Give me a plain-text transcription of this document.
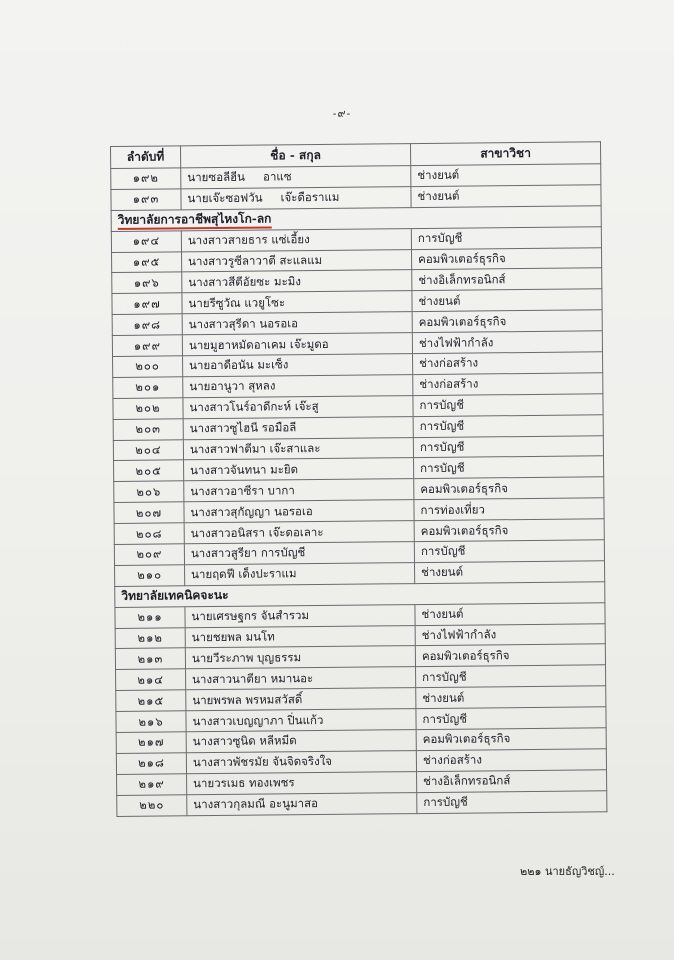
-๙-
ลำดับที่	ชื่อ - สกุล	สาขาวิชา
๑๙๒	นายซอลีฮีน อาแซ	ช่างยนต์
๑๙๓	นายเจ๊ะซอฟวัน เจ๊ะดือราแม	ช่างยนต์
วิทยาลัยการอาชีพสุไหงโก-ลก		
๑๙๔	นางสาวสายธาร แซ่เอี้ยง	การบัญชี
๑๙๕	นางสาวรูซีลาวาตี สะแลแม	คอมพิวเตอร์ธุรกิจ
๑๙๖	นางสาวสีตีอัยซะ มะมิง	ช่างอิเล็กทรอนิกส์
๑๙๗	นายรีซูวัณ แวยูโซะ	ช่างยนต์
๑๙๘	นางสาวสุรีดา นอรอเอ	คอมพิวเตอร์ธุรกิจ
๑๙๙	นายมูฮาหมัดอาเคม เจ๊ะมูดอ	ช่างไฟฟ้ากำลัง
๒๐๐	นายอาดือนัน มะเซ็ง	ช่างก่อสร้าง
๒๐๑	นายอานูวา สุหลง	ช่างก่อสร้าง
๒๐๒	นางสาวโนร์อาดีกะห์ เจ๊ะสู	การบัญชี
๒๐๓	นางสาวซูไฮนี รอมือลี	การบัญชี
๒๐๔	นางสาวฟาตีมา เจ๊ะสาและ	การบัญชี
๒๐๕	นางสาวจันทนา มะยิด	การบัญชี
๒๐๖	นางสาวอาซีรา บากา	คอมพิวเตอร์ธุรกิจ
๒๐๗	นางสาวสุกัญญา นอรอเอ	การท่องเที่ยว
๒๐๘	นางสาวอนิสรา เจ๊ะดอเลาะ	คอมพิวเตอร์ธุรกิจ
๒๐๙	นางสาวสูรียา การบัญชี	การบัญชี
๒๑๐	นายฤดฟี เด็งปะราแม	ช่างยนต์
วิทยาลัยเทคนิคจะนะ		
๒๑๑	นายเศรษฐกร จันสำรวม	ช่างยนต์
๒๑๒	นายชยพล มนโท	ช่างไฟฟ้ากำลัง
๒๑๓	นายวีระภาพ บุญธรรม	คอมพิวเตอร์ธุรกิจ
๒๑๔	นางสาวนาตียา หมานอะ	การบัญชี
๒๑๕	นายพรพล พรหมสวัสดิ์	ช่างยนต์
๒๑๖	นางสาวเบญญาภา ปิ่นแก้ว	การบัญชี
๒๑๗	นางสาวซูนิด หลีหมีด	คอมพิวเตอร์ธุรกิจ
๒๑๘	นางสาวพัชรมัย จันจิดจริงใจ	ช่างก่อสร้าง
๒๑๙	นายวรเมธ ทองเพชร	ช่างอิเล็กทรอนิกส์
๒๒๐	นางสาวกุลมณี อะนูมาสอ	การบัญชี
๒๒๑ นายธัญวิชญ์...
